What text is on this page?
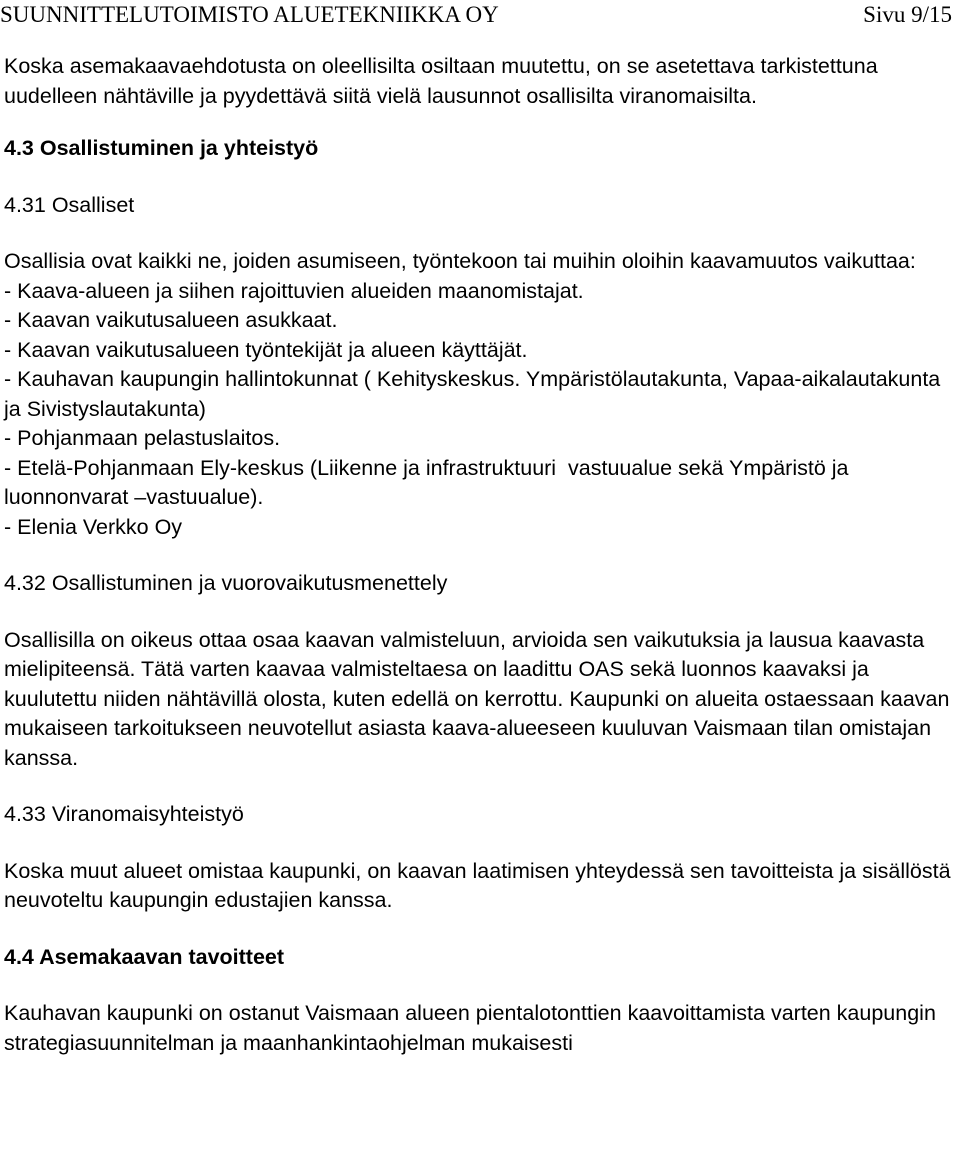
SUUNNITTELUTOIMISTO ALUETEKNIIKKA OY	Sivu 9/15

Koska asemakaavaehdotusta on oleellisilta osiltaan muutettu, on se asetettava tarkistettuna uudelleen nähtäville ja pyydettävä siitä vielä lausunnot osallisilta viranomaisilta.

4.3 Osallistuminen ja yhteistyö
4.31 Osalliset

Osallisia ovat kaikki ne, joiden asumiseen, työntekoon tai muihin oloihin kaavamuutos vaikuttaa:

- Kaava-alueen ja siihen rajoittuvien alueiden maanomistajat.

- Kaavan vaikutusalueen asukkaat.

- Kaavan vaikutusalueen työntekijät ja alueen käyttäjät.

- Kauhavan kaupungin hallintokunnat ( Kehityskeskus. Ympäristölautakunta, Vapaa-aikalautakunta ja Sivistyslautakunta)

- Pohjanmaan pelastuslaitos.

- Etelä-Pohjanmaan Ely-keskus (Liikenne ja infrastruktuuri  vastuualue sekä Ympäristö ja luonnonvarat –vastuualue).

- Elenia Verkko Oy

4.32 Osallistuminen ja vuorovaikutusmenettely

Osallisilla on oikeus ottaa osaa kaavan valmisteluun, arvioida sen vaikutuksia ja lausua kaavasta mielipiteensä. Tätä varten kaavaa valmisteltaesa on laadittu OAS sekä luonnos kaavaksi ja kuulutettu niiden nähtävillä olosta, kuten edellä on kerrottu. Kaupunki on alueita ostaessaan kaavan mukaiseen tarkoitukseen neuvotellut asiasta kaava-alueeseen kuuluvan Vaismaan tilan omistajan kanssa.

4.33 Viranomaisyhteistyö

Koska muut alueet omistaa kaupunki, on kaavan laatimisen yhteydessä sen tavoitteista ja sisällöstä neuvoteltu kaupungin edustajien kanssa.

4.4 Asemakaavan tavoitteet

Kauhavan kaupunki on ostanut Vaismaan alueen pientalotonttien kaavoittamista varten kaupungin strategiasuunnitelman ja maanhankintaohjelman mukaisesti
